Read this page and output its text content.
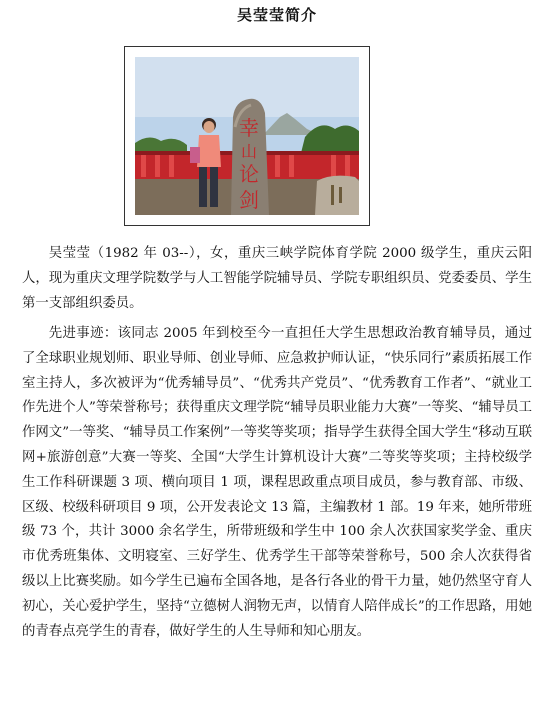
吴莹莹简介
幸
山
论
剑

吴莹莹（1982 年 03--），女，重庆三峡学院体育学院 2000 级学生，重庆云阳人，现为重庆文理学院数学与人工智能学院辅导员、学院专职组织员、党委委员、学生第一支部组织委员。

先进事迹：该同志 2005 年到校至今一直担任大学生思想政治教育辅导员，通过了全球职业规划师、职业导师、创业导师、应急救护师认证，“快乐同行”素质拓展工作室主持人，多次被评为“优秀辅导员”、“优秀共产党员”、“优秀教育工作者”、“就业工作先进个人”等荣誉称号；获得重庆文理学院“辅导员职业能力大赛”一等奖、“辅导员工作网文”一等奖、“辅导员工作案例”一等奖等奖项；指导学生获得全国大学生“移动互联网+旅游创意”大赛一等奖、全国“大学生计算机设计大赛”二等奖等奖项；主持校级学生工作科研课题 3 项、横向项目 1 项，课程思政重点项目成员，参与教育部、市级、区级、校级科研项目 9 项，公开发表论文 13 篇，主编教材 1 部。19 年来，她所带班级 73 个，共计 3000 余名学生，所带班级和学生中 100 余人次获国家奖学金、重庆市优秀班集体、文明寝室、三好学生、优秀学生干部等荣誉称号，500 余人次获得省级以上比赛奖励。如今学生已遍布全国各地，是各行各业的骨干力量，她仍然坚守育人初心，关心爱护学生，坚持“立德树人润物无声，以情育人陪伴成长”的工作思路，用她的青春点亮学生的青春，做好学生的人生导师和知心朋友。
